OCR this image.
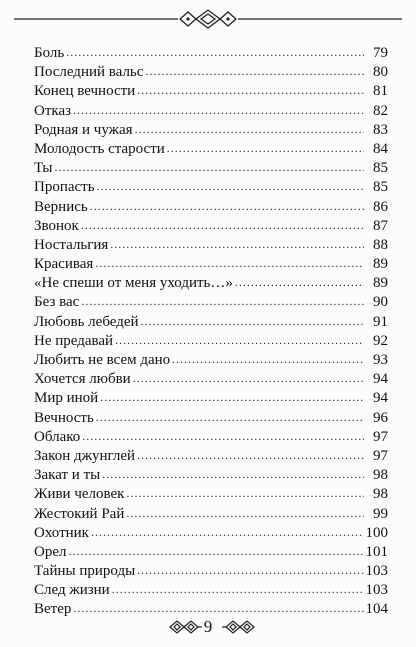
Боль .....	79
Последний вальс .....	80
Конец вечности .....	81
Отказ .....	82
Родная и чужая .....	83
Молодость старости .....	84
Ты .....	85
Пропасть .....	85
Вернись .....	86
Звонок .....	87
Ностальгия .....	88
Красивая .....	89
«Не спеши от меня уходить…» .....	89
Без вас .....	90
Любовь лебедей .....	91
Не предавай .....	92
Любить не всем дано .....	93
Хочется любви .....	94
Мир иной .....	94
Вечность .....	96
Облако .....	97
Закон джунглей .....	97
Закат и ты .....	98
Живи человек .....	98
Жестокий Рай .....	99
Охотник .....	100
Орел .....	101
Тайны природы .....	103
След жизни .....	103
Ветер .....	104
9
